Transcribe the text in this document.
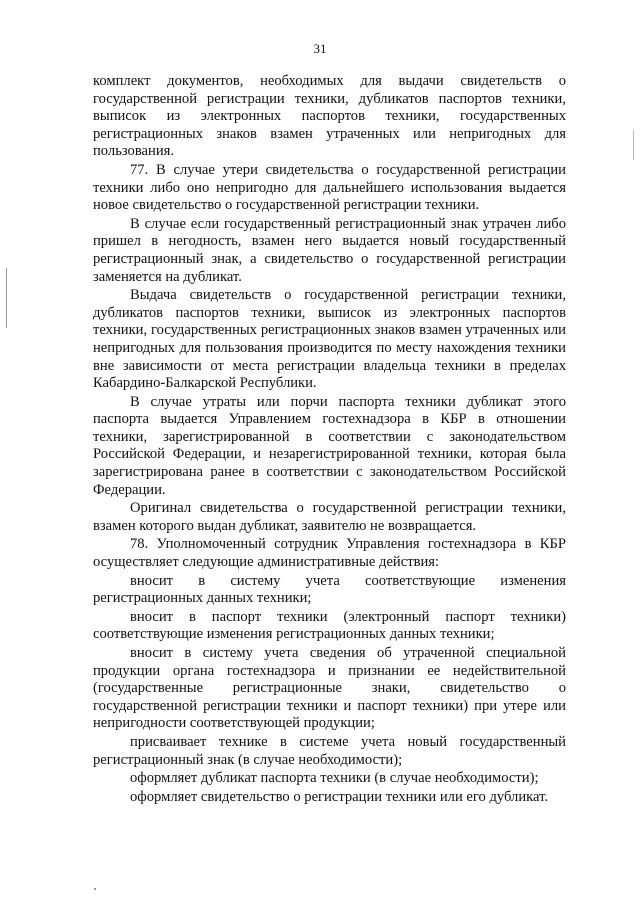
31

комплект документов, необходимых для выдачи свидетельств о государственной регистрации техники, дубликатов паспортов техники, выписок из электронных паспортов техники, государственных регистрационных знаков взамен утраченных или непригодных для пользования.

77. В случае утери свидетельства о государственной регистрации техники либо оно непригодно для дальнейшего использования выдается новое свидетельство о государственной регистрации техники.

В случае если государственный регистрационный знак утрачен либо пришел в негодность, взамен него выдается новый государственный регистрационный знак, а свидетельство о государственной регистрации заменяется на дубликат.

Выдача свидетельств о государственной регистрации техники, дубликатов паспортов техники, выписок из электронных паспортов техники, государственных регистрационных знаков взамен утраченных или непригодных для пользования производится по месту нахождения техники вне зависимости от места регистрации владельца техники в пределах Кабардино-Балкарской Республики.

В случае утраты или порчи паспорта техники дубликат этого паспорта выдается Управлением гостехнадзора в КБР в отношении техники, зарегистрированной в соответствии с законодательством Российской Федерации, и незарегистрированной техники, которая была зарегистрирована ранее в соответствии с законодательством Российской Федерации.

Оригинал свидетельства о государственной регистрации техники, взамен которого выдан дубликат, заявителю не возвращается.

78. Уполномоченный сотрудник Управления гостехнадзора в КБР осуществляет следующие административные действия:

вносит в систему учета соответствующие изменения регистрационных данных техники;

вносит в паспорт техники (электронный паспорт техники) соответствующие изменения регистрационных данных техники;

вносит в систему учета сведения об утраченной специальной продукции органа гостехнадзора и признании ее недействительной (государственные регистрационные знаки, свидетельство о государственной регистрации техники и паспорт техники) при утере или непригодности соответствующей продукции;

присваивает технике в системе учета новый государственный регистрационный знак (в случае необходимости);

оформляет дубликат паспорта техники (в случае необходимости);

оформляет свидетельство о регистрации техники или его дубликат.
